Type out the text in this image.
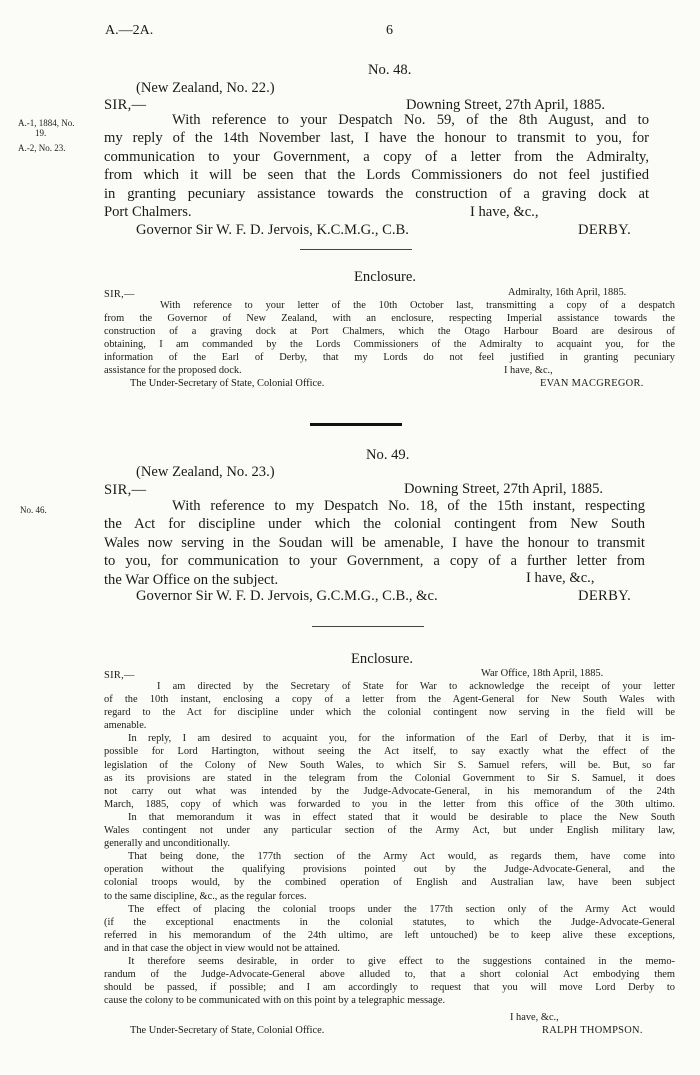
A.—2A.	6
No. 48.
(New Zealand, No. 22.)
SIR,—	Downing Street, 27th April, 1885.
A.-1, 1884, No.
19.
A.-2, No. 23.
With reference to your Despatch No. 59, of the 8th August, and to
my reply of the 14th November last, I have the honour to transmit to you, for
communication to your Government, a copy of a letter from the Admiralty,
from which it will be seen that the Lords Commissioners do not feel justified
in granting pecuniary assistance towards the construction of a graving dock at
Port Chalmers.	I have, &c.,
Governor Sir W. F. D. Jervois, K.C.M.G., C.B.	DERBY.
Enclosure.
SIR,—	Admiralty, 16th April, 1885.
With reference to your letter of the 10th October last, transmitting a copy of a despatch
from the Governor of New Zealand, with an enclosure, respecting Imperial assistance towards the
construction of a graving dock at Port Chalmers, which the Otago Harbour Board are desirous of
obtaining, I am commanded by the Lords Commissioners of the Admiralty to acquaint you, for the
information of the Earl of Derby, that my Lords do not feel justified in granting pecuniary
assistance for the proposed dock.	I have, &c.,
The Under-Secretary of State, Colonial Office.	EVAN MACGREGOR.
No. 49.
(New Zealand, No. 23.)
SIR,—	Downing Street, 27th April, 1885.
No. 46.	With reference to my Despatch No. 18, of the 15th instant, respecting
the Act for discipline under which the colonial contingent from New South
Wales now serving in the Soudan will be amenable, I have the honour to transmit
to you, for communication to your Government, a copy of a further letter from
the War Office on the subject.	I have, &c.,
Governor Sir W. F. D. Jervois, G.C.M.G., C.B., &c.	DERBY.
Enclosure.
SIR,—	War Office, 18th April, 1885.
I am directed by the Secretary of State for War to acknowledge the receipt of your letter
of the 10th instant, enclosing a copy of a letter from the Agent-General for New South Wales with
regard to the Act for discipline under which the colonial contingent now serving in the field will be
amenable.
In reply, I am desired to acquaint you, for the information of the Earl of Derby, that it is im-
possible for Lord Hartington, without seeing the Act itself, to say exactly what the effect of the
legislation of the Colony of New South Wales, to which Sir S. Samuel refers, will be. But, so far
as its provisions are stated in the telegram from the Colonial Government to Sir S. Samuel, it does
not carry out what was intended by the Judge-Advocate-General, in his memorandum of the 24th
March, 1885, copy of which was forwarded to you in the letter from this office of the 30th ultimo.
In that memorandum it was in effect stated that it would be desirable to place the New South
Wales contingent not under any particular section of the Army Act, but under English military law,
generally and unconditionally.
That being done, the 177th section of the Army Act would, as regards them, have come into
operation without the qualifying provisions pointed out by the Judge-Advocate-General, and the
colonial troops would, by the combined operation of English and Australian law, have been subject
to the same discipline, &c., as the regular forces.
The effect of placing the colonial troops under the 177th section only of the Army Act would
(if the exceptional enactments in the colonial statutes, to which the Judge-Advocate-General
referred in his memorandum of the 24th ultimo, are left untouched) be to keep alive these exceptions,
and in that case the object in view would not be attained.
It therefore seems desirable, in order to give effect to the suggestions contained in the memo-
randum of the Judge-Advocate-General above alluded to, that a short colonial Act embodying them
should be passed, if possible; and I am accordingly to request that you will move Lord Derby to
cause the colony to be communicated with on this point by a telegraphic message.
I have, &c.,
The Under-Secretary of State, Colonial Office.	RALPH THOMPSON.
